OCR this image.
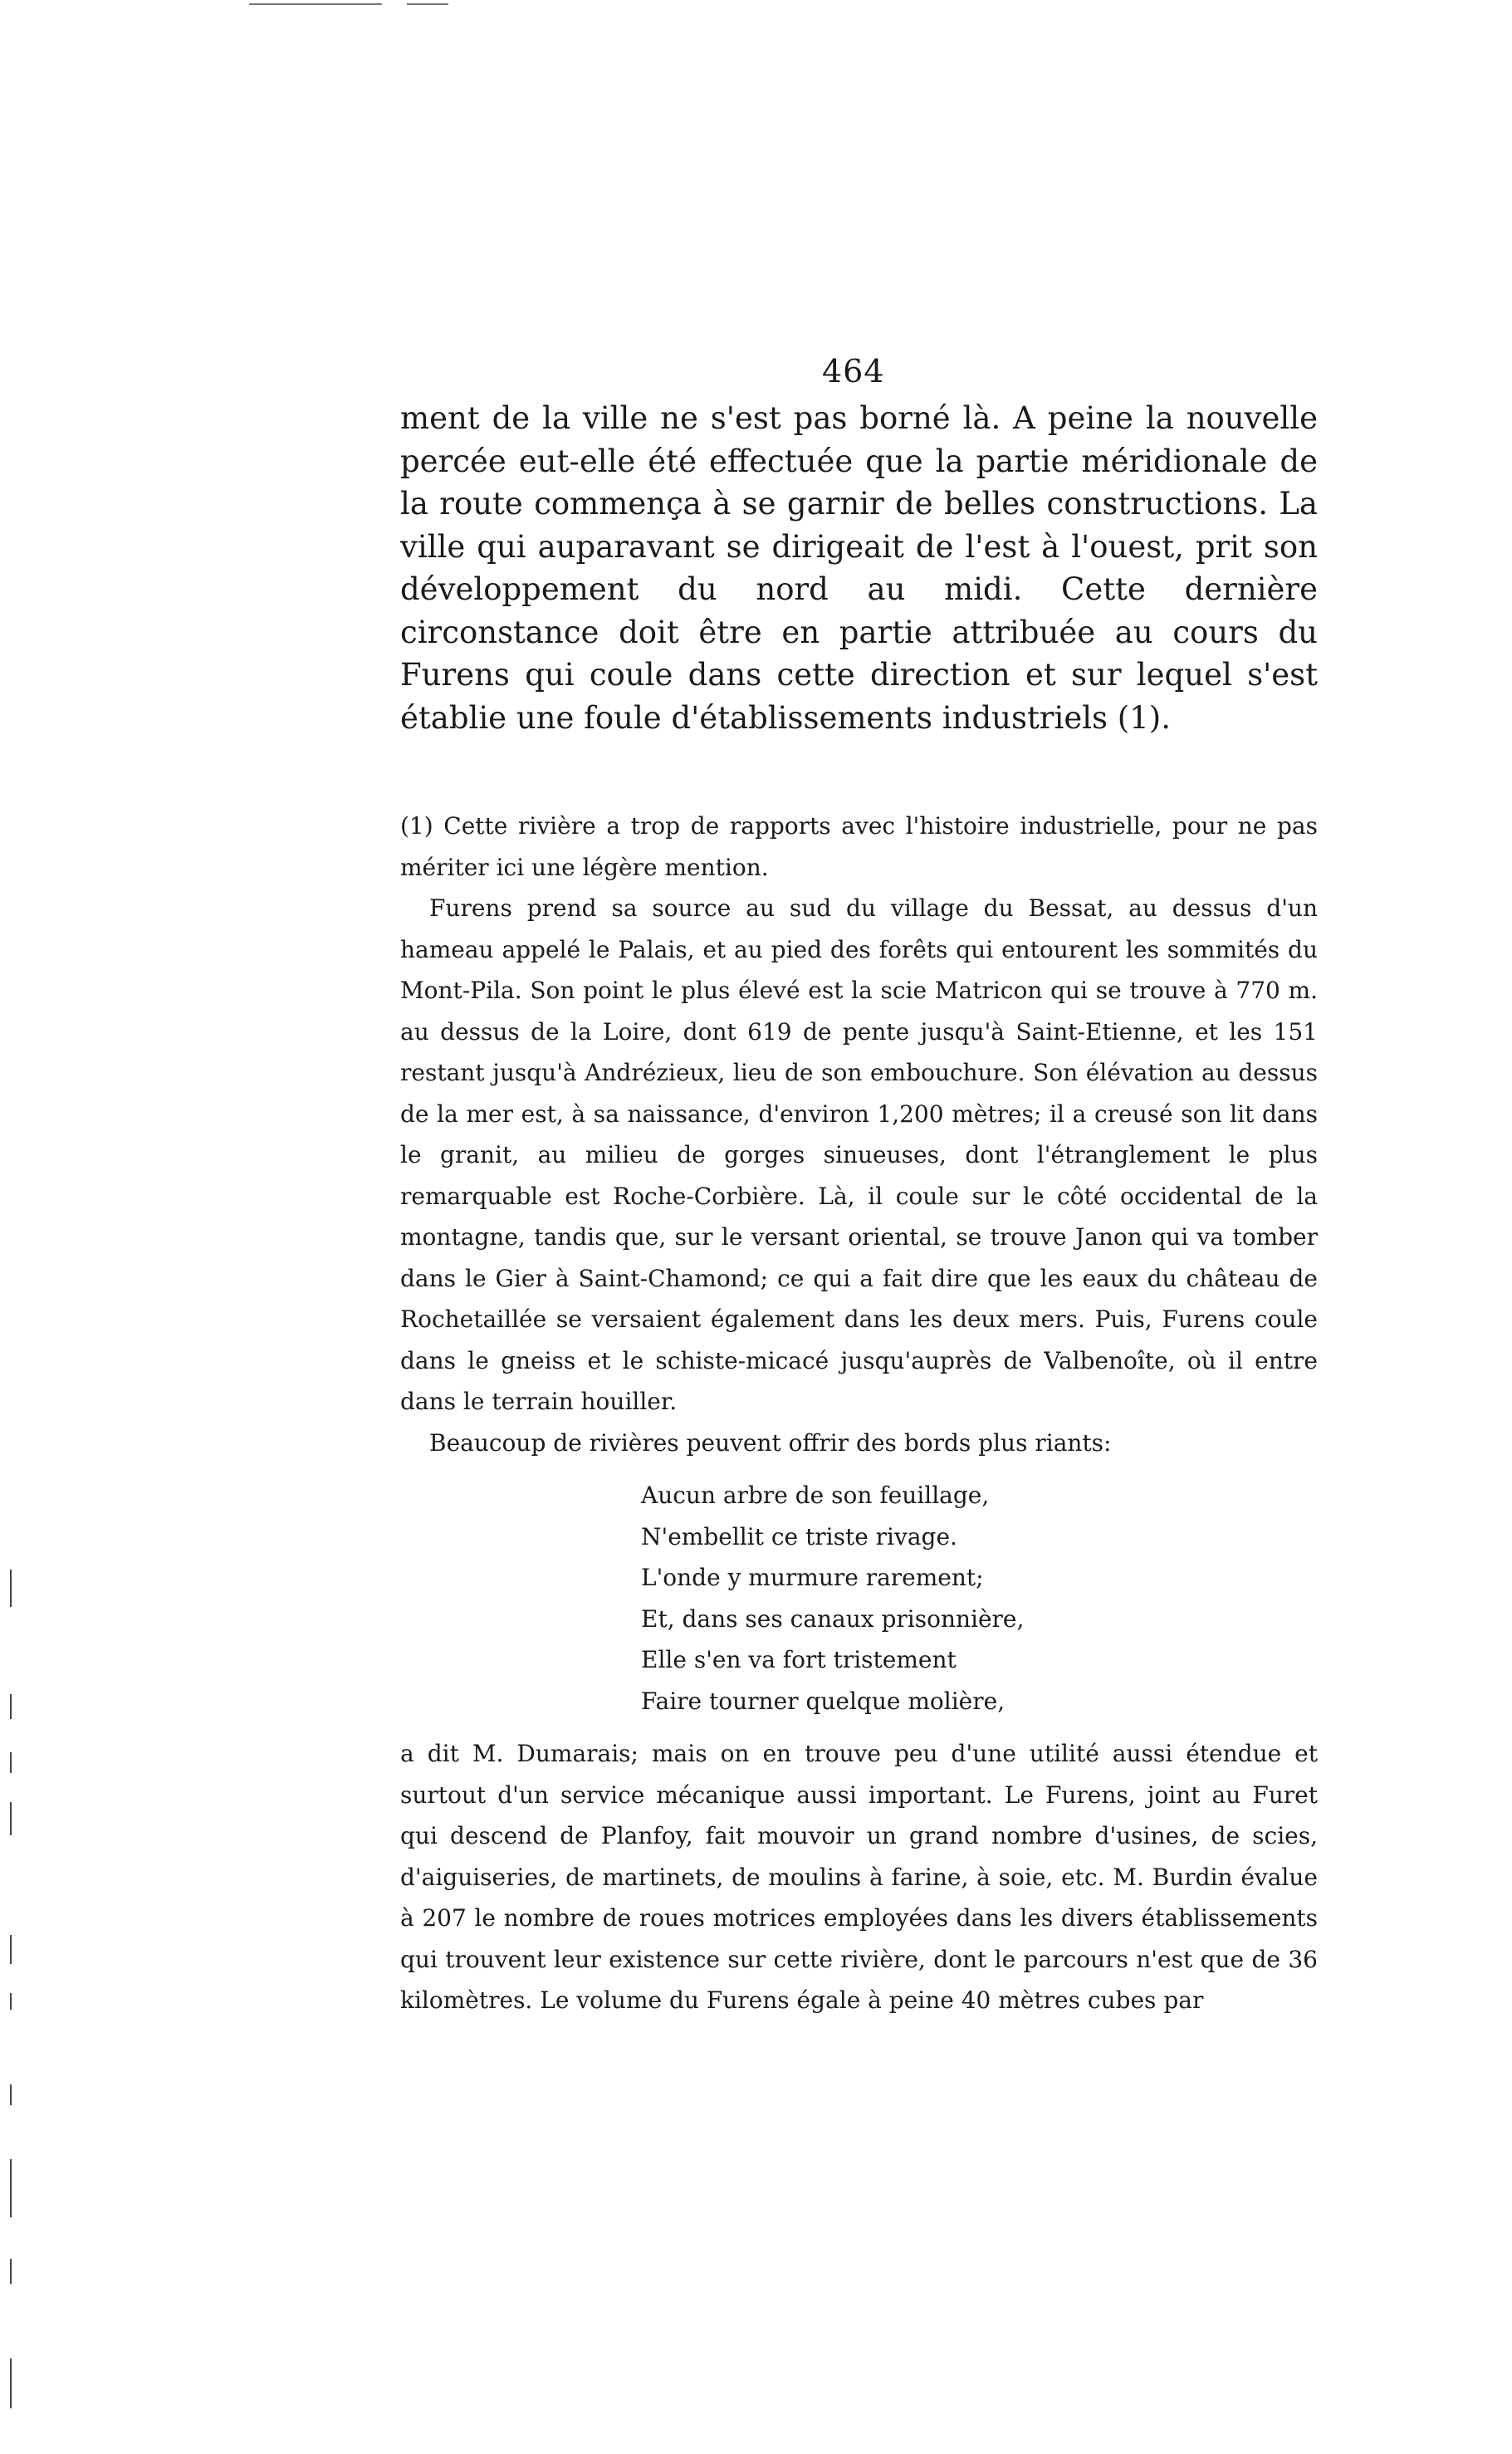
464

ment de la ville ne s'est pas borné là. A peine la nouvelle percée eut-elle été effectuée que la partie méridionale de la route commença à se garnir de belles constructions. La ville qui auparavant se dirigeait de l'est à l'ouest, prit son développement du nord au midi. Cette dernière circonstance doit être en partie attribuée au cours du Furens qui coule dans cette direction et sur lequel s'est établie une foule d'établissements industriels (1).

(1) Cette rivière a trop de rapports avec l'histoire industrielle, pour ne pas mériter ici une légère mention.

Furens prend sa source au sud du village du Bessat, au dessus d'un hameau appelé le Palais, et au pied des forêts qui entourent les sommités du Mont-Pila. Son point le plus élevé est la scie Matricon qui se trouve à 770 m. au dessus de la Loire, dont 619 de pente jusqu'à Saint-Etienne, et les 151 restant jusqu'à Andrézieux, lieu de son embouchure. Son élévation au dessus de la mer est, à sa naissance, d'environ 1,200 mètres; il a creusé son lit dans le granit, au milieu de gorges sinueuses, dont l'étranglement le plus remarquable est Roche-Corbière. Là, il coule sur le côté occidental de la montagne, tandis que, sur le versant oriental, se trouve Janon qui va tomber dans le Gier à Saint-Chamond; ce qui a fait dire que les eaux du château de Rochetaillée se versaient également dans les deux mers. Puis, Furens coule dans le gneiss et le schiste-micacé jusqu'auprès de Valbenoîte, où il entre dans le terrain houiller.

Beaucoup de rivières peuvent offrir des bords plus riants:

Aucun arbre de son feuillage,
N'embellit ce triste rivage.
L'onde y murmure rarement;
Et, dans ses canaux prisonnière,
Elle s'en va fort tristement
Faire tourner quelque molière,

a dit M. Dumarais; mais on en trouve peu d'une utilité aussi étendue et surtout d'un service mécanique aussi important. Le Furens, joint au Furet qui descend de Planfoy, fait mouvoir un grand nombre d'usines, de scies, d'aiguiseries, de martinets, de moulins à farine, à soie, etc. M. Burdin évalue à 207 le nombre de roues motrices employées dans les divers établissements qui trouvent leur existence sur cette rivière, dont le parcours n'est que de 36 kilomètres. Le volume du Furens égale à peine 40 mètres cubes par
